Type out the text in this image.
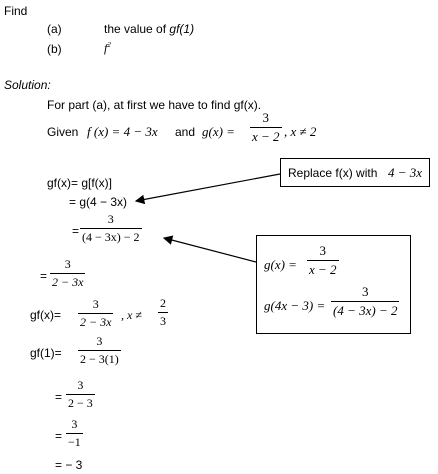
Find
(a)	the value of gf(1)
(b)	$f^2$
Solution:
For part (a), at first we have to find gf(x).
Given f (x) = 4 − 3x and g(x) =
3
x − 2 , x ≠ 2
gf(x)= g[f(x)]
= g(4 − 3x)
=
3
(4 − 3x) − 2
=
3
2 − 3x
gf(x)=
3
2 − 3x , x ≠
2
3
gf(1)=
3
2 − 3(1)
=
3
2 − 3
=
3
−1
= − 3
Replace f(x) with 4 − 3x
g(x) =
3
x − 2
g(4x − 3) =
3
(4 − 3x) − 2
